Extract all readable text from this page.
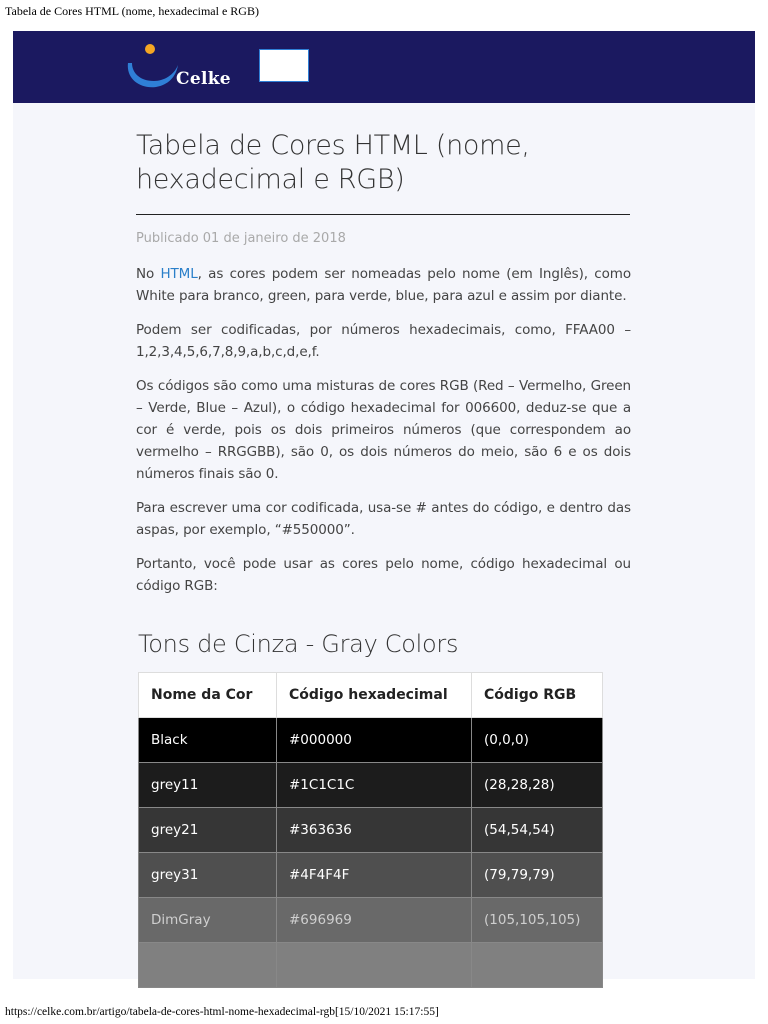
Tabela de Cores HTML (nome, hexadecimal e RGB)
Celke
Tabela de Cores HTML (nome, hexadecimal e RGB)
Publicado 01 de janeiro de 2018

No HTML, as cores podem ser nomeadas pelo nome (em Inglês), como White para branco, green, para verde, blue, para azul e assim por diante.

Podem ser codificadas, por números hexadecimais, como, FFAA00 – 1,2,3,4,5,6,7,8,9,a,b,c,d,e,f.

Os códigos são como uma misturas de cores RGB (Red – Vermelho, Green – Verde, Blue – Azul), o código hexadecimal for 006600, deduz-se que a cor é verde, pois os dois primeiros números (que correspondem ao vermelho – RRGGBB), são 0, os dois números do meio, são 6 e os dois números finais são 0.

Para escrever uma cor codificada, usa-se # antes do código, e dentro das aspas, por exemplo, “#550000”.

Portanto, você pode usar as cores pelo nome, código hexadecimal ou código RGB:

Tons de Cinza - Gray Colors
Nome da Cor	Código hexadecimal	Código RGB
Black	#000000	(0,0,0)
grey11	#1C1C1C	(28,28,28)
grey21	#363636	(54,54,54)
grey31	#4F4F4F	(79,79,79)
DimGray	#696969	(105,105,105)

https://celke.com.br/artigo/tabela-de-cores-html-nome-hexadecimal-rgb[15/10/2021 15:17:55]
